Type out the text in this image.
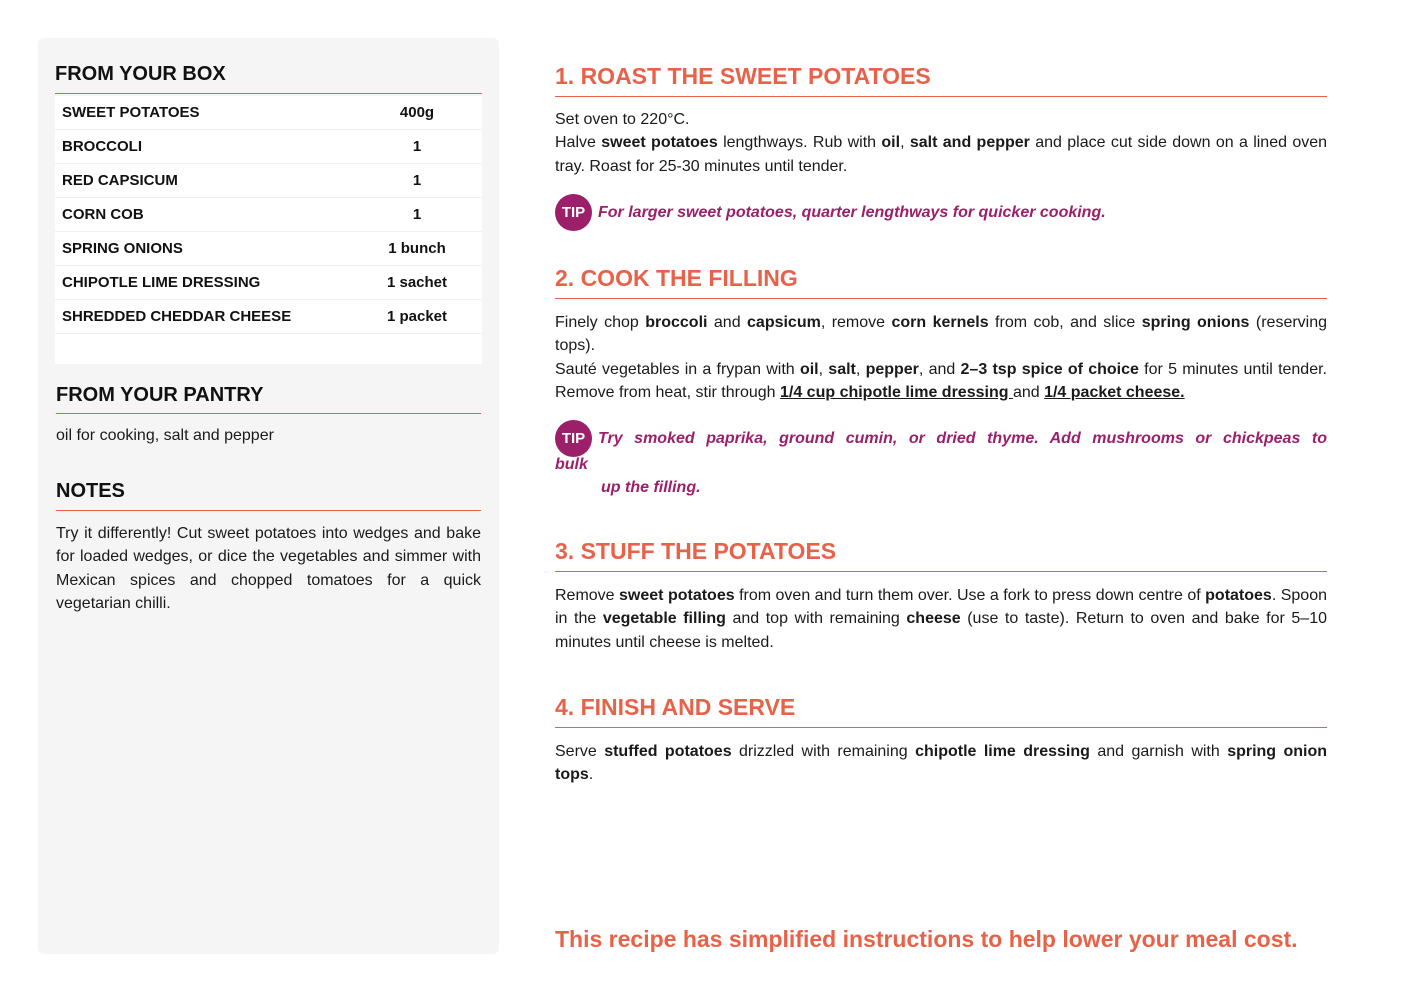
FROM YOUR BOX
SWEET POTATOES	400g
BROCCOLI	1
RED CAPSICUM	1
CORN COB	1
SPRING ONIONS	1 bunch
CHIPOTLE LIME DRESSING	1 sachet
SHREDDED CHEDDAR CHEESE	1 packet
FROM YOUR PANTRY
oil for cooking, salt and pepper
NOTES
Try it differently! Cut sweet potatoes into wedges and bake for loaded wedges, or dice the vegetables and simmer with Mexican spices and chopped tomatoes for a quick vegetarian chilli.
1. ROAST THE SWEET POTATOES

Set oven to 220°C.

Halve sweet potatoes lengthways. Rub with oil, salt and pepper and place cut side down on a lined oven tray. Roast for 25-30 minutes until tender.

TIP For larger sweet potatoes, quarter lengthways for quicker cooking.
2. COOK THE FILLING

Finely chop broccoli and capsicum, remove corn kernels from cob, and slice spring onions (reserving tops).

Sauté vegetables in a frypan with oil, salt, pepper, and 2–3 tsp spice of choice for 5 minutes until tender. Remove from heat, stir through 1/4 cup chipotle lime dressing and 1/4 packet cheese.

TIP Try smoked paprika, ground cumin, or dried thyme. Add mushrooms or chickpeas to
bulk
up the filling.
3. STUFF THE POTATOES

Remove sweet potatoes from oven and turn them over. Use a fork to press down centre of potatoes. Spoon in the vegetable filling and top with remaining cheese (use to taste). Return to oven and bake for 5–10 minutes until cheese is melted.

4. FINISH AND SERVE

Serve stuffed potatoes drizzled with remaining chipotle lime dressing and garnish with spring onion tops.

This recipe has simplified instructions to help lower your meal cost.
